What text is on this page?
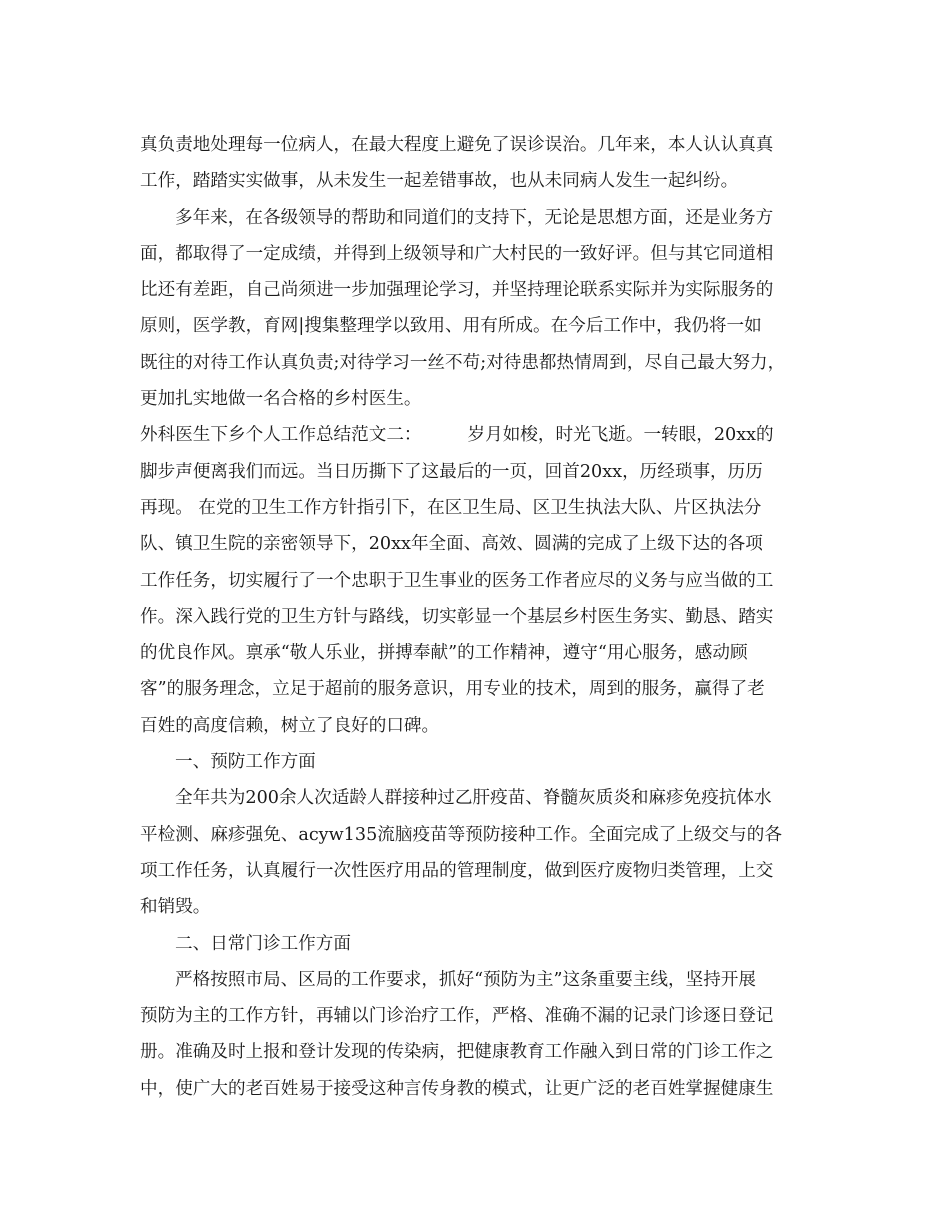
真负责地处理每一位病人，在最大程度上避免了误诊误治。几年来，本人认认真真
工作，踏踏实实做事，从未发生一起差错事故，也从未同病人发生一起纠纷。
多年来，在各级领导的帮助和同道们的支持下，无论是思想方面，还是业务方
面，都取得了一定成绩，并得到上级领导和广大村民的一致好评。但与其它同道相
比还有差距，自己尚须进一步加强理论学习，并坚持理论联系实际并为实际服务的
原则，医学教，育网|搜集整理学以致用、用有所成。在今后工作中，我仍将一如
既往的对待工作认真负责;对待学习一丝不苟;对待患都热情周到，尽自己最大努力，
更加扎实地做一名合格的乡村医生。
外科医生下乡个人工作总结范文二：	岁月如梭，时光飞逝。一转眼，20xx的
脚步声便离我们而远。当日历撕下了这最后的一页，回首20xx，历经琐事，历历
再现。 在党的卫生工作方针指引下，在区卫生局、区卫生执法大队、片区执法分
队、镇卫生院的亲密领导下，20xx年全面、高效、圆满的完成了上级下达的各项
工作任务，切实履行了一个忠职于卫生事业的医务工作者应尽的义务与应当做的工
作。深入践行党的卫生方针与路线，切实彰显一个基层乡村医生务实、勤恳、踏实
的优良作风。禀承“敬人乐业，拼搏奉献”的工作精神，遵守“用心服务，感动顾
客”的服务理念，立足于超前的服务意识，用专业的技术，周到的服务，赢得了老
百姓的高度信赖，树立了良好的口碑。
一、预防工作方面
全年共为200余人次适龄人群接种过乙肝疫苗、脊髓灰质炎和麻疹免疫抗体水
平检测、麻疹强免、acyw135流脑疫苗等预防接种工作。全面完成了上级交与的各
项工作任务，认真履行一次性医疗用品的管理制度，做到医疗废物归类管理，上交
和销毁。
二、日常门诊工作方面
严格按照市局、区局的工作要求，抓好“预防为主”这条重要主线，坚持开展
预防为主的工作方针，再辅以门诊治疗工作，严格、准确不漏的记录门诊逐日登记
册。准确及时上报和登计发现的传染病，把健康教育工作融入到日常的门诊工作之
中，使广大的老百姓易于接受这种言传身教的模式，让更广泛的老百姓掌握健康生
